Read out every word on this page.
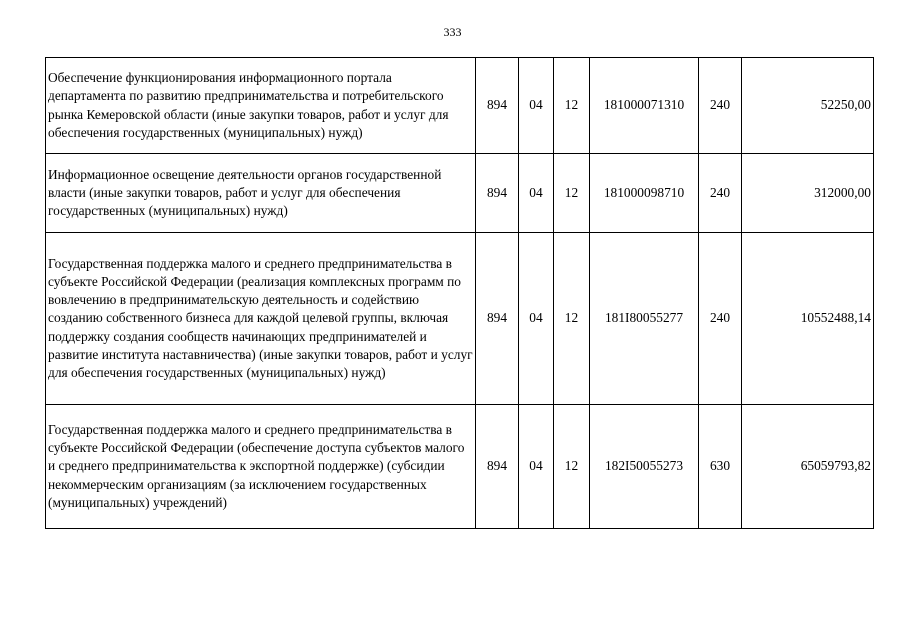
333
Обеспечение функционирования информационного портала департамента по развитию предпринимательства и потребительского рынка Кемеровской области (иные закупки товаров, работ и услуг для обеспечения государственных (муниципальных) нужд)	894	04	12	181000071310	240	52250,00
Информационное освещение деятельности органов государственной власти (иные закупки товаров, работ и услуг для обеспечения государственных (муниципальных) нужд)	894	04	12	181000098710	240	312000,00
Государственная поддержка малого и среднего предпринимательства в субъекте Российской Федерации (реализация комплексных программ по вовлечению в предпринимательскую деятельность и содействию созданию собственного бизнеса для каждой целевой группы, включая поддержку создания сообществ начинающих предпринимателей и развитие института наставничества) (иные закупки товаров, работ и услуг для обеспечения государственных (муниципальных) нужд)	894	04	12	181I80055277	240	10552488,14
Государственная поддержка малого и среднего предпринимательства в субъекте Российской Федерации (обеспечение доступа субъектов малого и среднего предпринимательства к экспортной поддержке) (субсидии некоммерческим организациям (за исключением государственных (муниципальных) учреждений)	894	04	12	182I50055273	630	65059793,82
